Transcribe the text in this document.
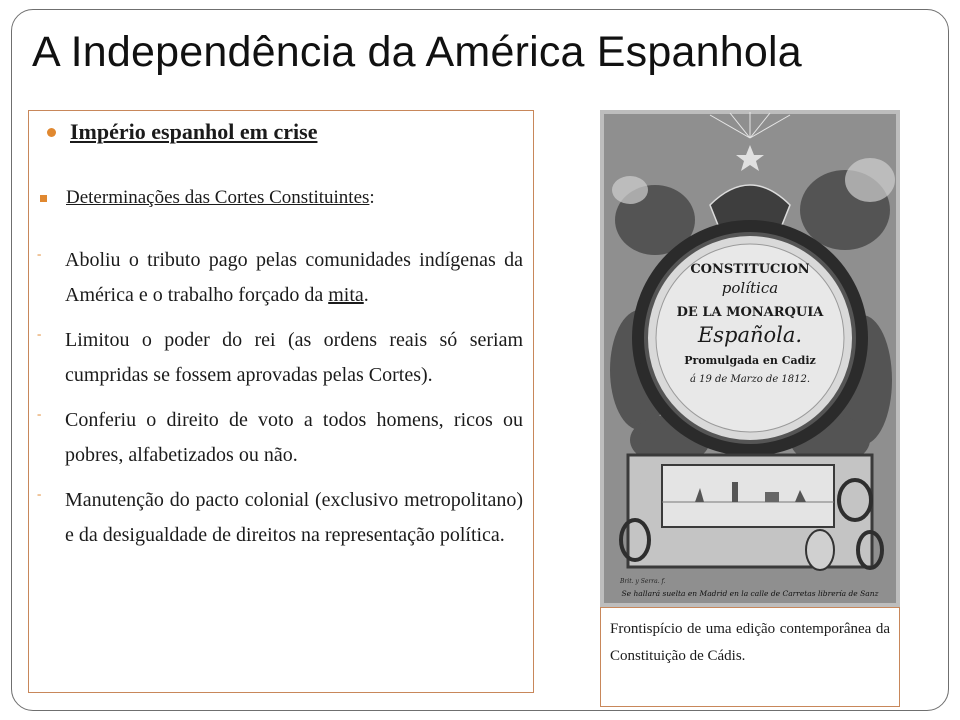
A Independência da América Espanhola
Império espanhol em crise
Determinações das Cortes Constituintes:
- Aboliu o tributo pago pelas comunidades indígenas da América e o trabalho forçado da mita.

- Limitou o poder do rei (as ordens reais só seriam cumpridas se fossem aprovadas pelas Cortes).

- Conferiu o direito de voto a todos homens, ricos ou pobres, alfabetizados ou não.

- Manutenção do pacto colonial (exclusivo metropolitano) e da desigualdade de direitos na representação política.

CONSTITUCION
política
DE LA MONARQUIA
Española.
Promulgada en Cadiz
á 19 de Marzo de 1812.
Brit. y Serra. f.
Se hallará suelta en Madrid en la calle de Carretas librería de Sanz

Frontispício de uma edição contemporânea da Constituição de Cádis.
